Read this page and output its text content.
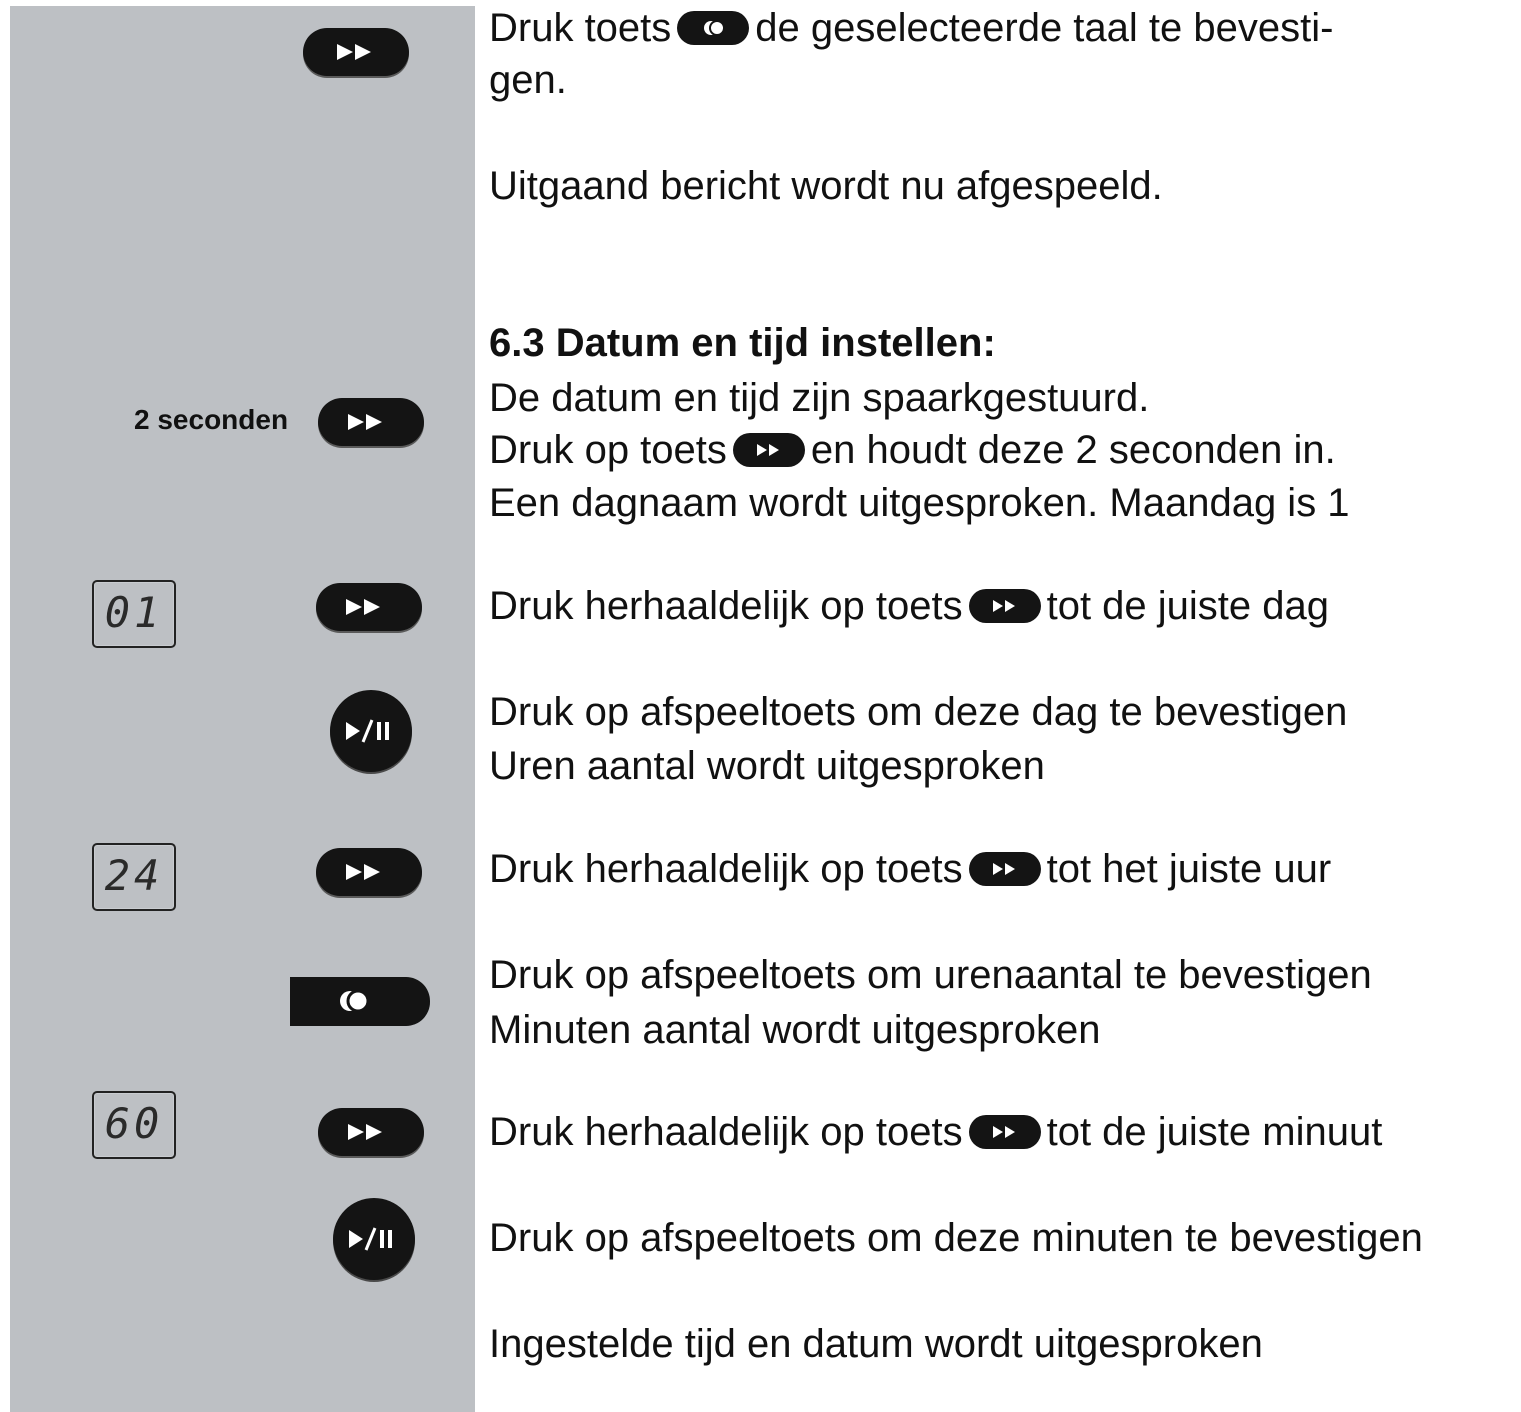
2 seconden
01
24
60

Druk toets de geselecteerde taal te bevesti-

gen.

Uitgaand bericht wordt nu afgespeeld.

6.3 Datum en tijd instellen:

De datum en tijd zijn spaarkgestuurd.

Druk op toets en houdt deze 2 seconden in.

Een dagnaam wordt uitgesproken. Maandag is 1

Druk herhaaldelijk op toets tot de juiste dag

Druk op afspeeltoets om deze dag te bevestigen

Uren aantal wordt uitgesproken

Druk herhaaldelijk op toets tot het juiste uur

Druk op afspeeltoets om urenaantal te bevestigen

Minuten aantal wordt uitgesproken

Druk herhaaldelijk op toets tot de juiste minuut

Druk op afspeeltoets om deze minuten te bevestigen

Ingestelde tijd en datum wordt uitgesproken
